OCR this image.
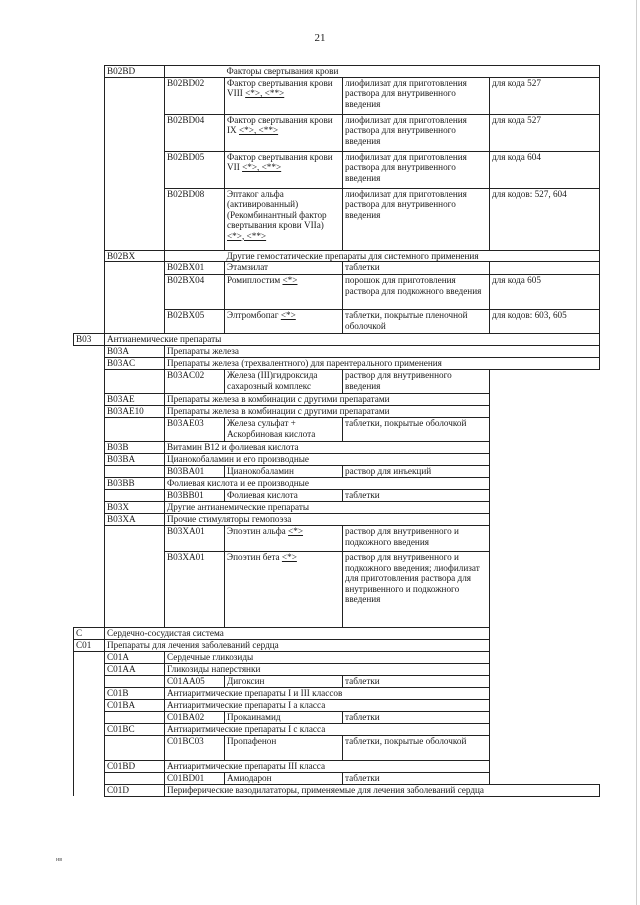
21
	B02BD		Факторы свертывания крови		
		B02BD02	Фактор свертывания крови VIII <*>, <**>	лиофилизат для приготовления раствора для внутривенного введения	для кода 527
		B02BD04	Фактор свертывания крови IX <*>, <**>	лиофилизат для приготовления раствора для внутривенного введения	для кода 527
		B02BD05	Фактор свертывания крови VII <*>, <**>	лиофилизат для приготовления раствора для внутривенного введения	для кода 604
		B02BD08	Эптаког альфа (активированный) (Рекомбинантный фактор свертывания крови VIIa) <*>, <**>	лиофилизат для приготовления раствора для внутривенного введения	для кодов: 527, 604
	B02BX		Другие гемостатические препараты для системного применения		
		B02BX01	Этамзилат	таблетки	
		B02BX04	Ромиплостим <*>	порошок для приготовления раствора для подкожного введения	для кода 605
		B02BX05	Элтромбопаг <*>	таблетки, покрытые пленочной оболочкой	для кодов: 603, 605
B03	Антианемические препараты				
	B03A	Препараты железа			
	B03AC	Препараты железа (трехвалентного) для парентерального применения			
		B03AC02	Железа (III)гидроксида сахарозный комплекс	раствор для внутривенного введения	
	B03AE	Препараты железа в комбинации с другими препаратами			
	B03AE10	Препараты железа в комбинации с другими препаратами			
		B03AE03	Железа сульфат + Аскорбиновая кислота	таблетки, покрытые оболочкой	
	B03B	Витамин B12 и фолиевая кислота			
	B03BA	Цианокобаламин и его производные			
		B03BA01	Цианокобаламин	раствор для инъекций	
	B03BB	Фолиевая кислота и ее производные			
		B03BB01	Фолиевая кислота	таблетки	
	B03X	Другие антианемические препараты			
	B03XA	Прочие стимуляторы гемопоэза			
		B03XA01	Эпоэтин альфа <*>	раствор для внутривенного и подкожного введения	
		B03XA01	Эпоэтин бета <*>	раствор для внутривенного и подкожного введения; лиофилизат для приготовления раствора для внутривенного и подкожного введения	
C	Сердечно-сосудистая система				
C01	Препараты для лечения заболеваний сердца				
	C01A	Сердечные гликозиды			
	C01AA	Гликозиды наперстянки			
		C01AA05	Дигоксин	таблетки	
	C01B	Антиаритмические препараты I и III классов			
	C01BA	Антиаритмические препараты I а класса			
		C01BA02	Прокаинамид	таблетки	
	C01BC	Антиаритмические препараты I с класса			
		C01BC03	Пропафенон	таблетки, покрытые оболочкой	
	C01BD	Антиаритмические препараты III класса			
		C01BD01	Амиодарон	таблетки	
	C01D	Периферические вазодилататоры, применяемые для лечения заболеваний сердца			
нв
